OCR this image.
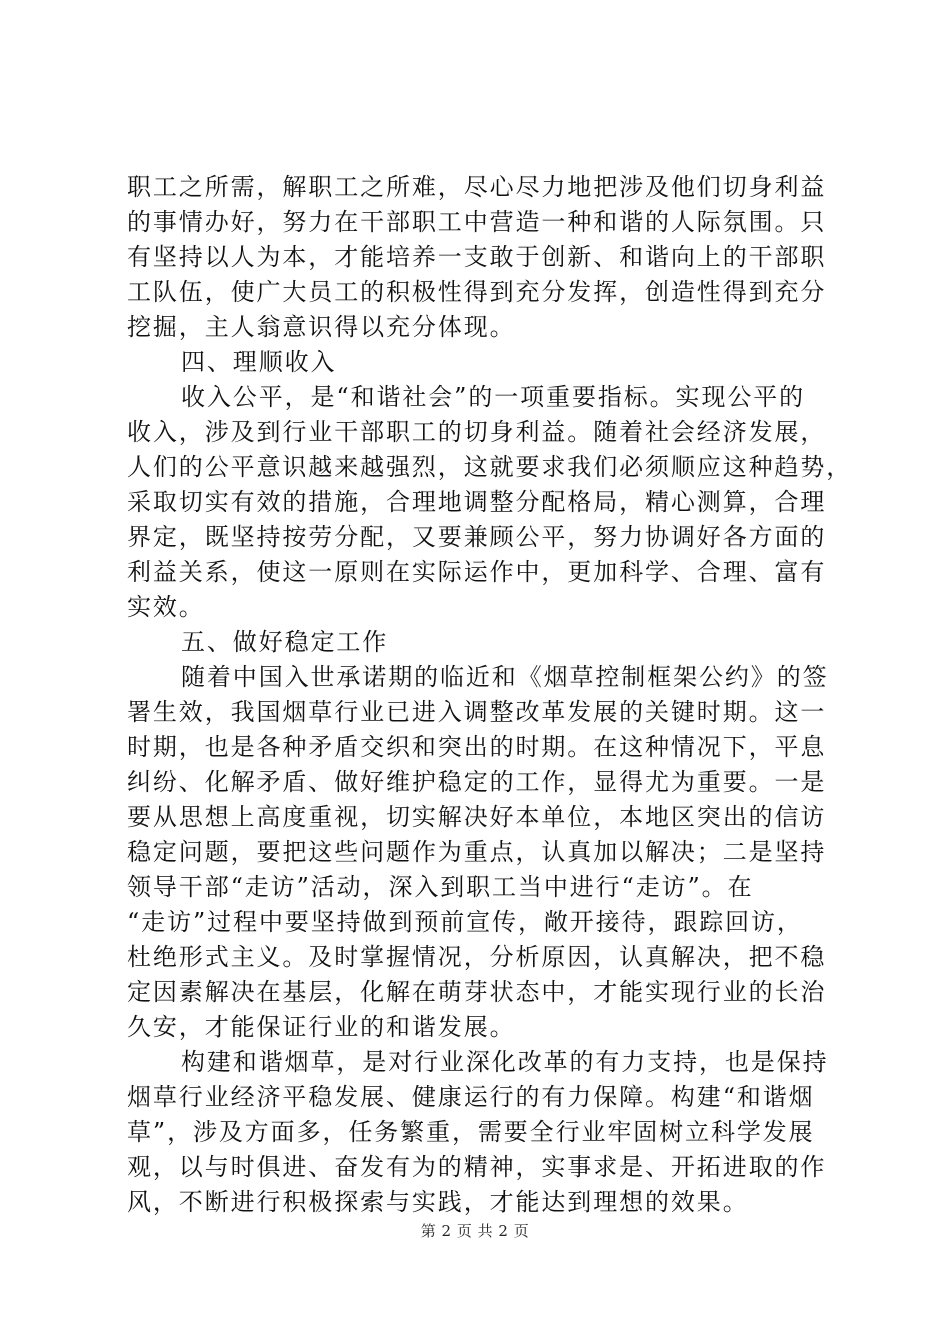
职工之所需，解职工之所难，尽心尽力地把涉及他们切身利益
的事情办好，努力在干部职工中营造一种和谐的人际氛围。只
有坚持以人为本，才能培养一支敢于创新、和谐向上的干部职
工队伍，使广大员工的积极性得到充分发挥，创造性得到充分
挖掘，主人翁意识得以充分体现。
四、理顺收入
收入公平，是“和谐社会”的一项重要指标。实现公平的
收入，涉及到行业干部职工的切身利益。随着社会经济发展，
人们的公平意识越来越强烈，这就要求我们必须顺应这种趋势，
采取切实有效的措施，合理地调整分配格局，精心测算，合理
界定，既坚持按劳分配，又要兼顾公平，努力协调好各方面的
利益关系，使这一原则在实际运作中，更加科学、合理、富有
实效。
五、做好稳定工作
随着中国入世承诺期的临近和《烟草控制框架公约》的签
署生效，我国烟草行业已进入调整改革发展的关键时期。这一
时期，也是各种矛盾交织和突出的时期。在这种情况下，平息
纠纷、化解矛盾、做好维护稳定的工作，显得尤为重要。一是
要从思想上高度重视，切实解决好本单位，本地区突出的信访
稳定问题，要把这些问题作为重点，认真加以解决；二是坚持
领导干部“走访”活动，深入到职工当中进行“走访”。在
“走访”过程中要坚持做到预前宣传，敞开接待，跟踪回访，
杜绝形式主义。及时掌握情况，分析原因，认真解决，把不稳
定因素解决在基层，化解在萌芽状态中，才能实现行业的长治
久安，才能保证行业的和谐发展。
构建和谐烟草，是对行业深化改革的有力支持，也是保持
烟草行业经济平稳发展、健康运行的有力保障。构建“和谐烟
草”，涉及方面多，任务繁重，需要全行业牢固树立科学发展
观，以与时俱进、奋发有为的精神，实事求是、开拓进取的作
风，不断进行积极探索与实践，才能达到理想的效果。
第 2 页 共 2 页
